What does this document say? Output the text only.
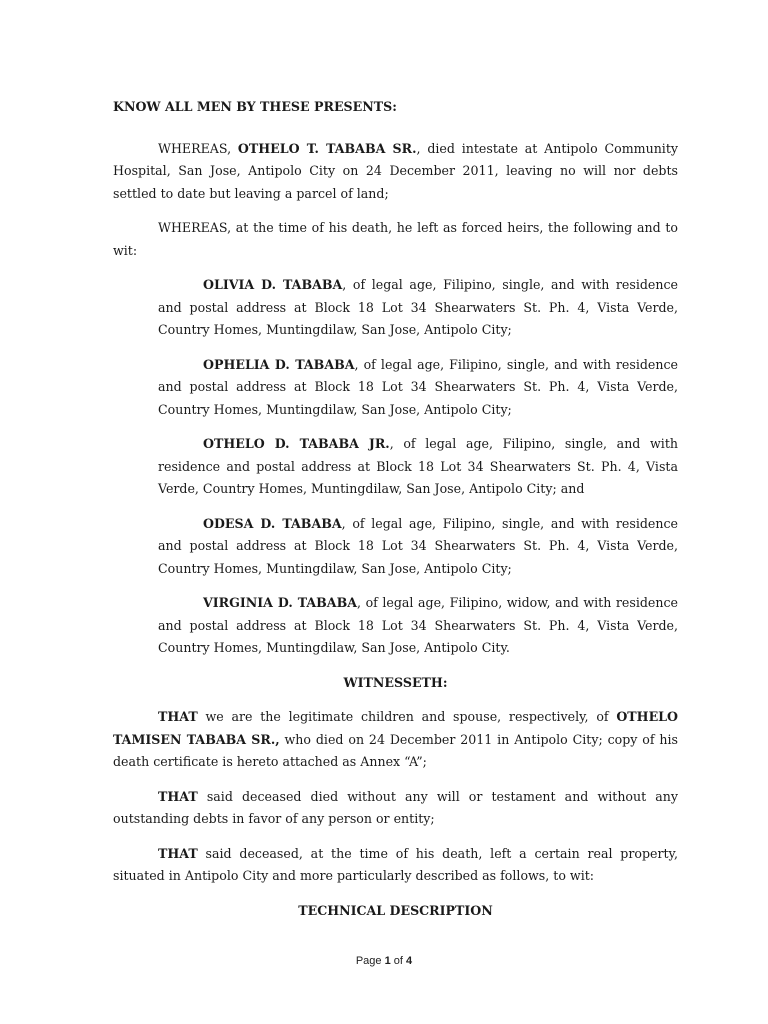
KNOW ALL MEN BY THESE PRESENTS:

WHEREAS, OTHELO T. TABABA SR., died intestate at Antipolo Community Hospital, San Jose, Antipolo City on 24 December 2011, leaving no will nor debts settled to date but leaving a parcel of land;

WHEREAS, at the time of his death, he left as forced heirs, the following and to wit:

OLIVIA D. TABABA, of legal age, Filipino, single, and with residence and postal address at Block 18 Lot 34 Shearwaters St. Ph. 4, Vista Verde, Country Homes, Muntingdilaw, San Jose, Antipolo City;

OPHELIA D. TABABA, of legal age, Filipino, single, and with residence and postal address at Block 18 Lot 34 Shearwaters St. Ph. 4, Vista Verde, Country Homes, Muntingdilaw, San Jose, Antipolo City;

OTHELO D. TABABA JR., of legal age, Filipino, single, and with residence and postal address at Block 18 Lot 34 Shearwaters St. Ph. 4, Vista Verde, Country Homes, Muntingdilaw, San Jose, Antipolo City; and

ODESA D. TABABA, of legal age, Filipino, single, and with residence and postal address at Block 18 Lot 34 Shearwaters St. Ph. 4, Vista Verde, Country Homes, Muntingdilaw, San Jose, Antipolo City;

VIRGINIA D. TABABA, of legal age, Filipino, widow, and with residence and postal address at Block 18 Lot 34 Shearwaters St. Ph. 4, Vista Verde, Country Homes, Muntingdilaw, San Jose, Antipolo City.

WITNESSETH:

THAT we are the legitimate children and spouse, respectively, of OTHELO TAMISEN TABABA SR., who died on 24 December 2011 in Antipolo City; copy of his death certificate is hereto attached as Annex “A”;

THAT said deceased died without any will or testament and without any outstanding debts in favor of any person or entity;

THAT said deceased, at the time of his death, left a certain real property, situated in Antipolo City and more particularly described as follows, to wit:

TECHNICAL DESCRIPTION
Page 1 of 4
